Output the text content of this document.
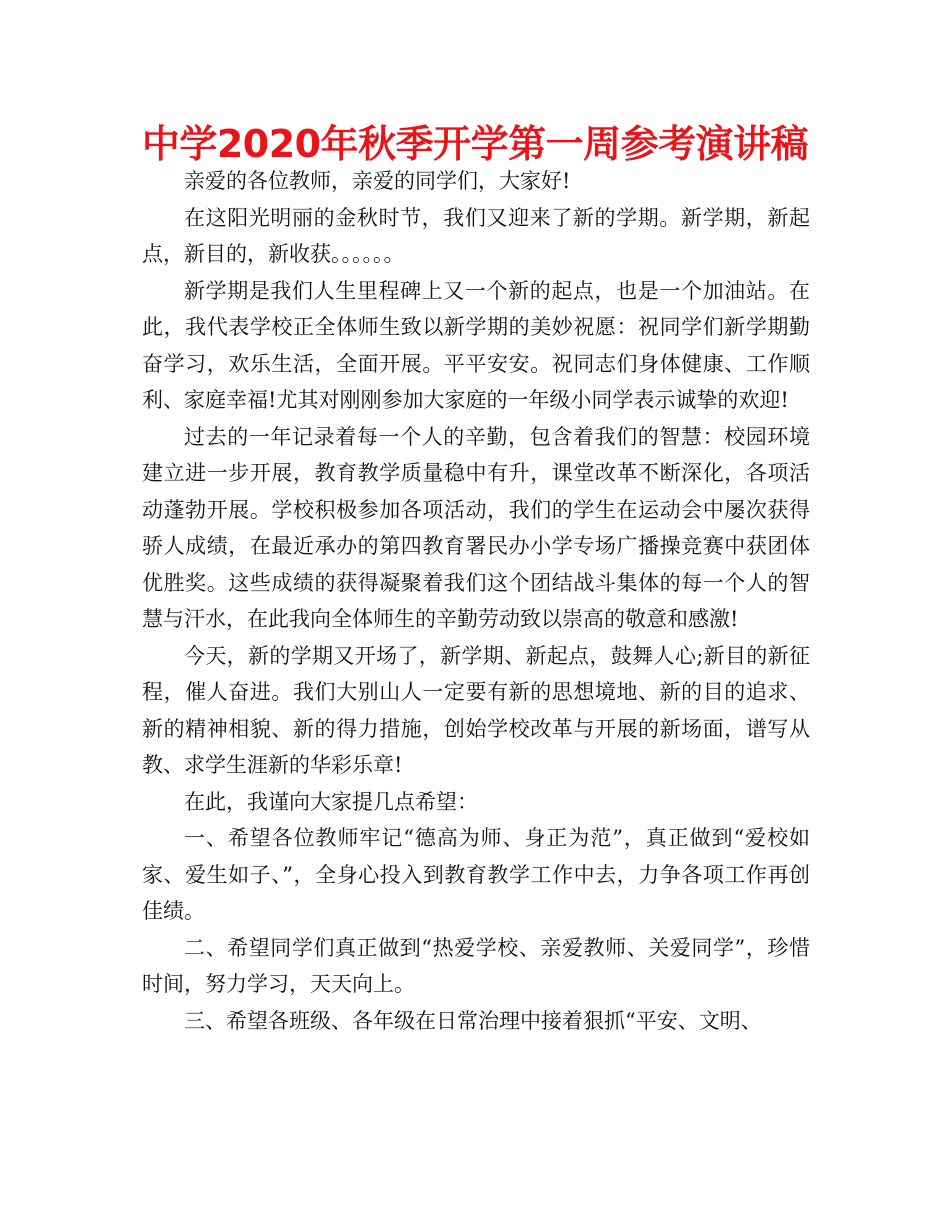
中学2020年秋季开学第一周参考演讲稿

亲爱的各位教师，亲爱的同学们，大家好!

在这阳光明丽的金秋时节，我们又迎来了新的学期。新学期，新起点，新目的，新收获。。。。。。

新学期是我们人生里程碑上又一个新的起点，也是一个加油站。在此，我代表学校正全体师生致以新学期的美妙祝愿：祝同学们新学期勤奋学习，欢乐生活，全面开展。平平安安。祝同志们身体健康、工作顺利、家庭幸福!尤其对刚刚参加大家庭的一年级小同学表示诚挚的欢迎!

过去的一年记录着每一个人的辛勤，包含着我们的智慧：校园环境建立进一步开展，教育教学质量稳中有升，课堂改革不断深化，各项活动蓬勃开展。学校积极参加各项活动，我们的学生在运动会中屡次获得骄人成绩，在最近承办的第四教育署民办小学专场广播操竞赛中获团体优胜奖。这些成绩的获得凝聚着我们这个团结战斗集体的每一个人的智慧与汗水，在此我向全体师生的辛勤劳动致以崇高的敬意和感激!

今天，新的学期又开场了，新学期、新起点，鼓舞人心;新目的新征程，催人奋进。我们大别山人一定要有新的思想境地、新的目的追求、新的精神相貌、新的得力措施，创始学校改革与开展的新场面，谱写从教、求学生涯新的华彩乐章!

在此，我谨向大家提几点希望：

一、希望各位教师牢记“德高为师、身正为范”，真正做到“爱校如家、爱生如子、”，全身心投入到教育教学工作中去，力争各项工作再创佳绩。

二、希望同学们真正做到“热爱学校、亲爱教师、关爱同学”，珍惜时间，努力学习，天天向上。

三、希望各班级、各年级在日常治理中接着狠抓“平安、文明、
